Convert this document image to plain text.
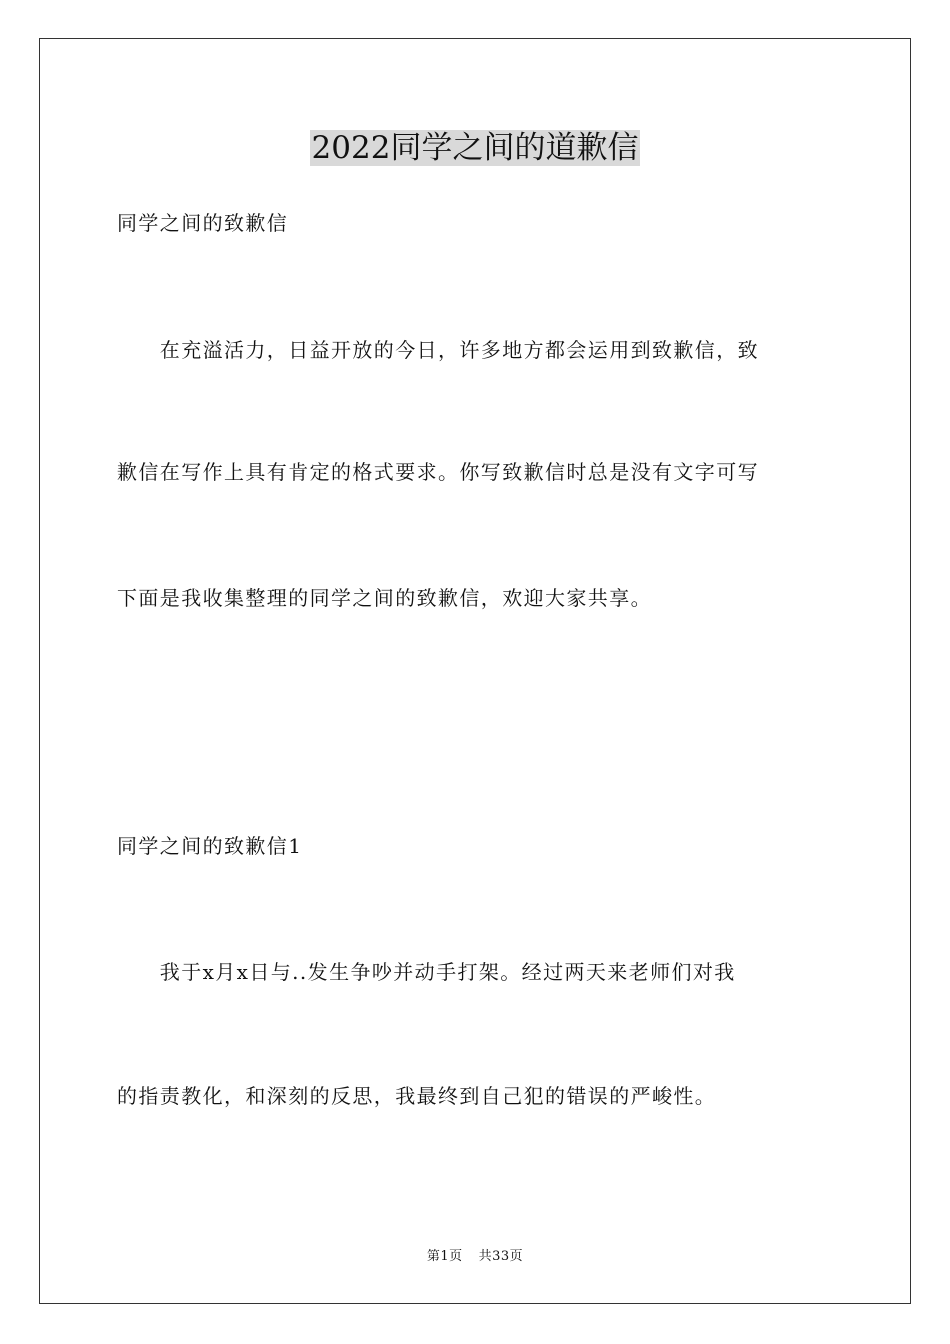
2022同学之间的道歉信
同学之间的致歉信
　　在充溢活力，日益开放的今日，许多地方都会运用到致歉信，致
歉信在写作上具有肯定的格式要求。你写致歉信时总是没有文字可写
下面是我收集整理的同学之间的致歉信，欢迎大家共享。
同学之间的致歉信1
　　我于x月x日与..发生争吵并动手打架。经过两天来老师们对我
的指责教化，和深刻的反思，我最终到自己犯的错误的严峻性。
第1页 共33页
